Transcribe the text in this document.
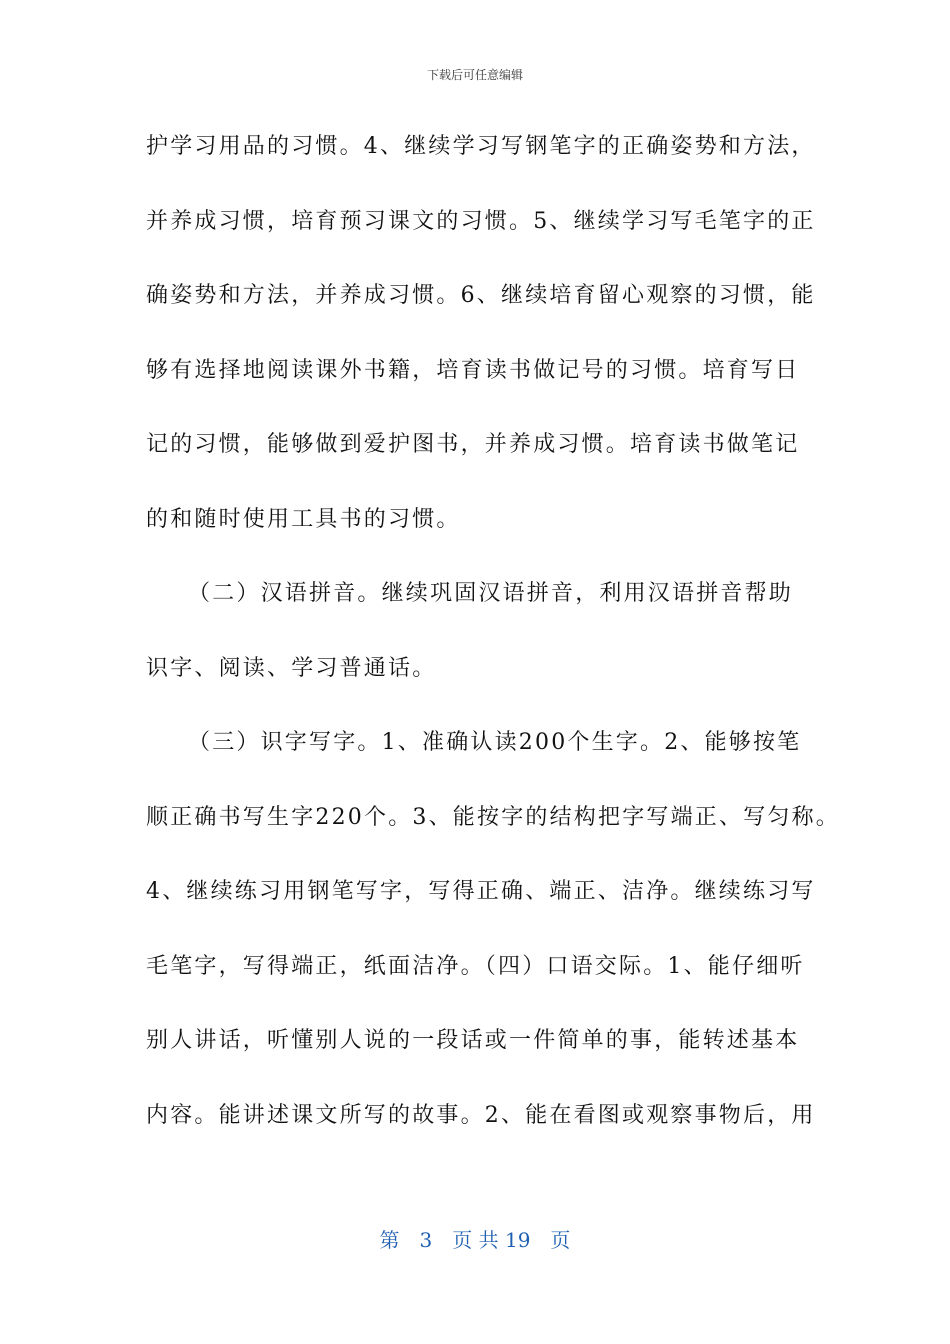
下载后可任意编辑
护学习用品的习惯。4、继续学习写钢笔字的正确姿势和方法，
并养成习惯，培育预习课文的习惯。5、继续学习写毛笔字的正
确姿势和方法，并养成习惯。6、继续培育留心观察的习惯，能
够有选择地阅读课外书籍，培育读书做记号的习惯。培育写日
记的习惯，能够做到爱护图书，并养成习惯。培育读书做笔记
的和随时使用工具书的习惯。
（二）汉语拼音。继续巩固汉语拼音，利用汉语拼音帮助
识字、阅读、学习普通话。
（三）识字写字。1、准确认读200个生字。2、能够按笔
顺正确书写生字220个。3、能按字的结构把字写端正、写匀称。
4、继续练习用钢笔写字，写得正确、端正、洁净。继续练习写
毛笔字，写得端正，纸面洁净。（四）口语交际。1、能仔细听
别人讲话，听懂别人说的一段话或一件简单的事，能转述基本
内容。能讲述课文所写的故事。2、能在看图或观察事物后，用
第　3　页 共 19　页
